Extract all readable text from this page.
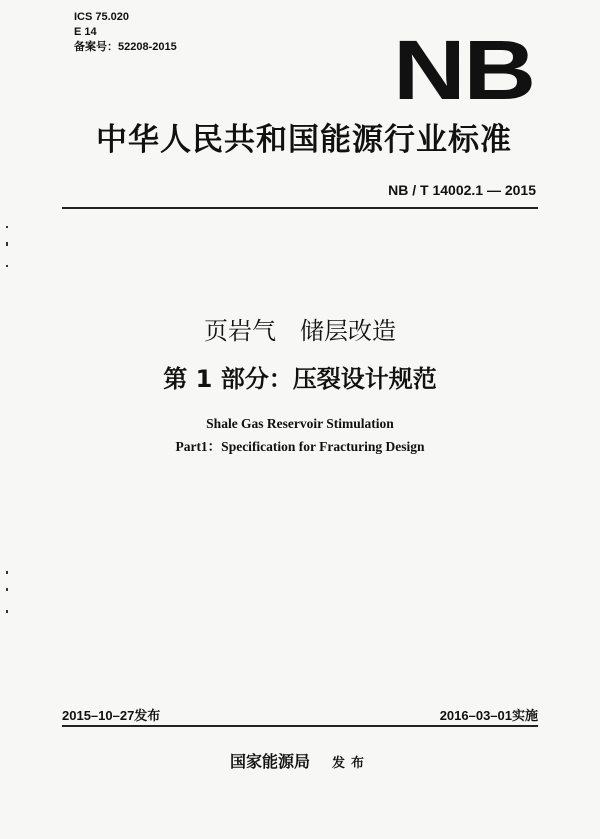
ICS 75.020
E 14
备案号：52208-2015	NB
中华人民共和国能源行业标准
NB / T 14002.1 — 2015
页岩气　储层改造
第 1 部分：压裂设计规范
Shale Gas Reservoir Stimulation
Part1：Specification for Fracturing Design
2015–10–27发布	2016–03–01实施
国家能源局 发布
